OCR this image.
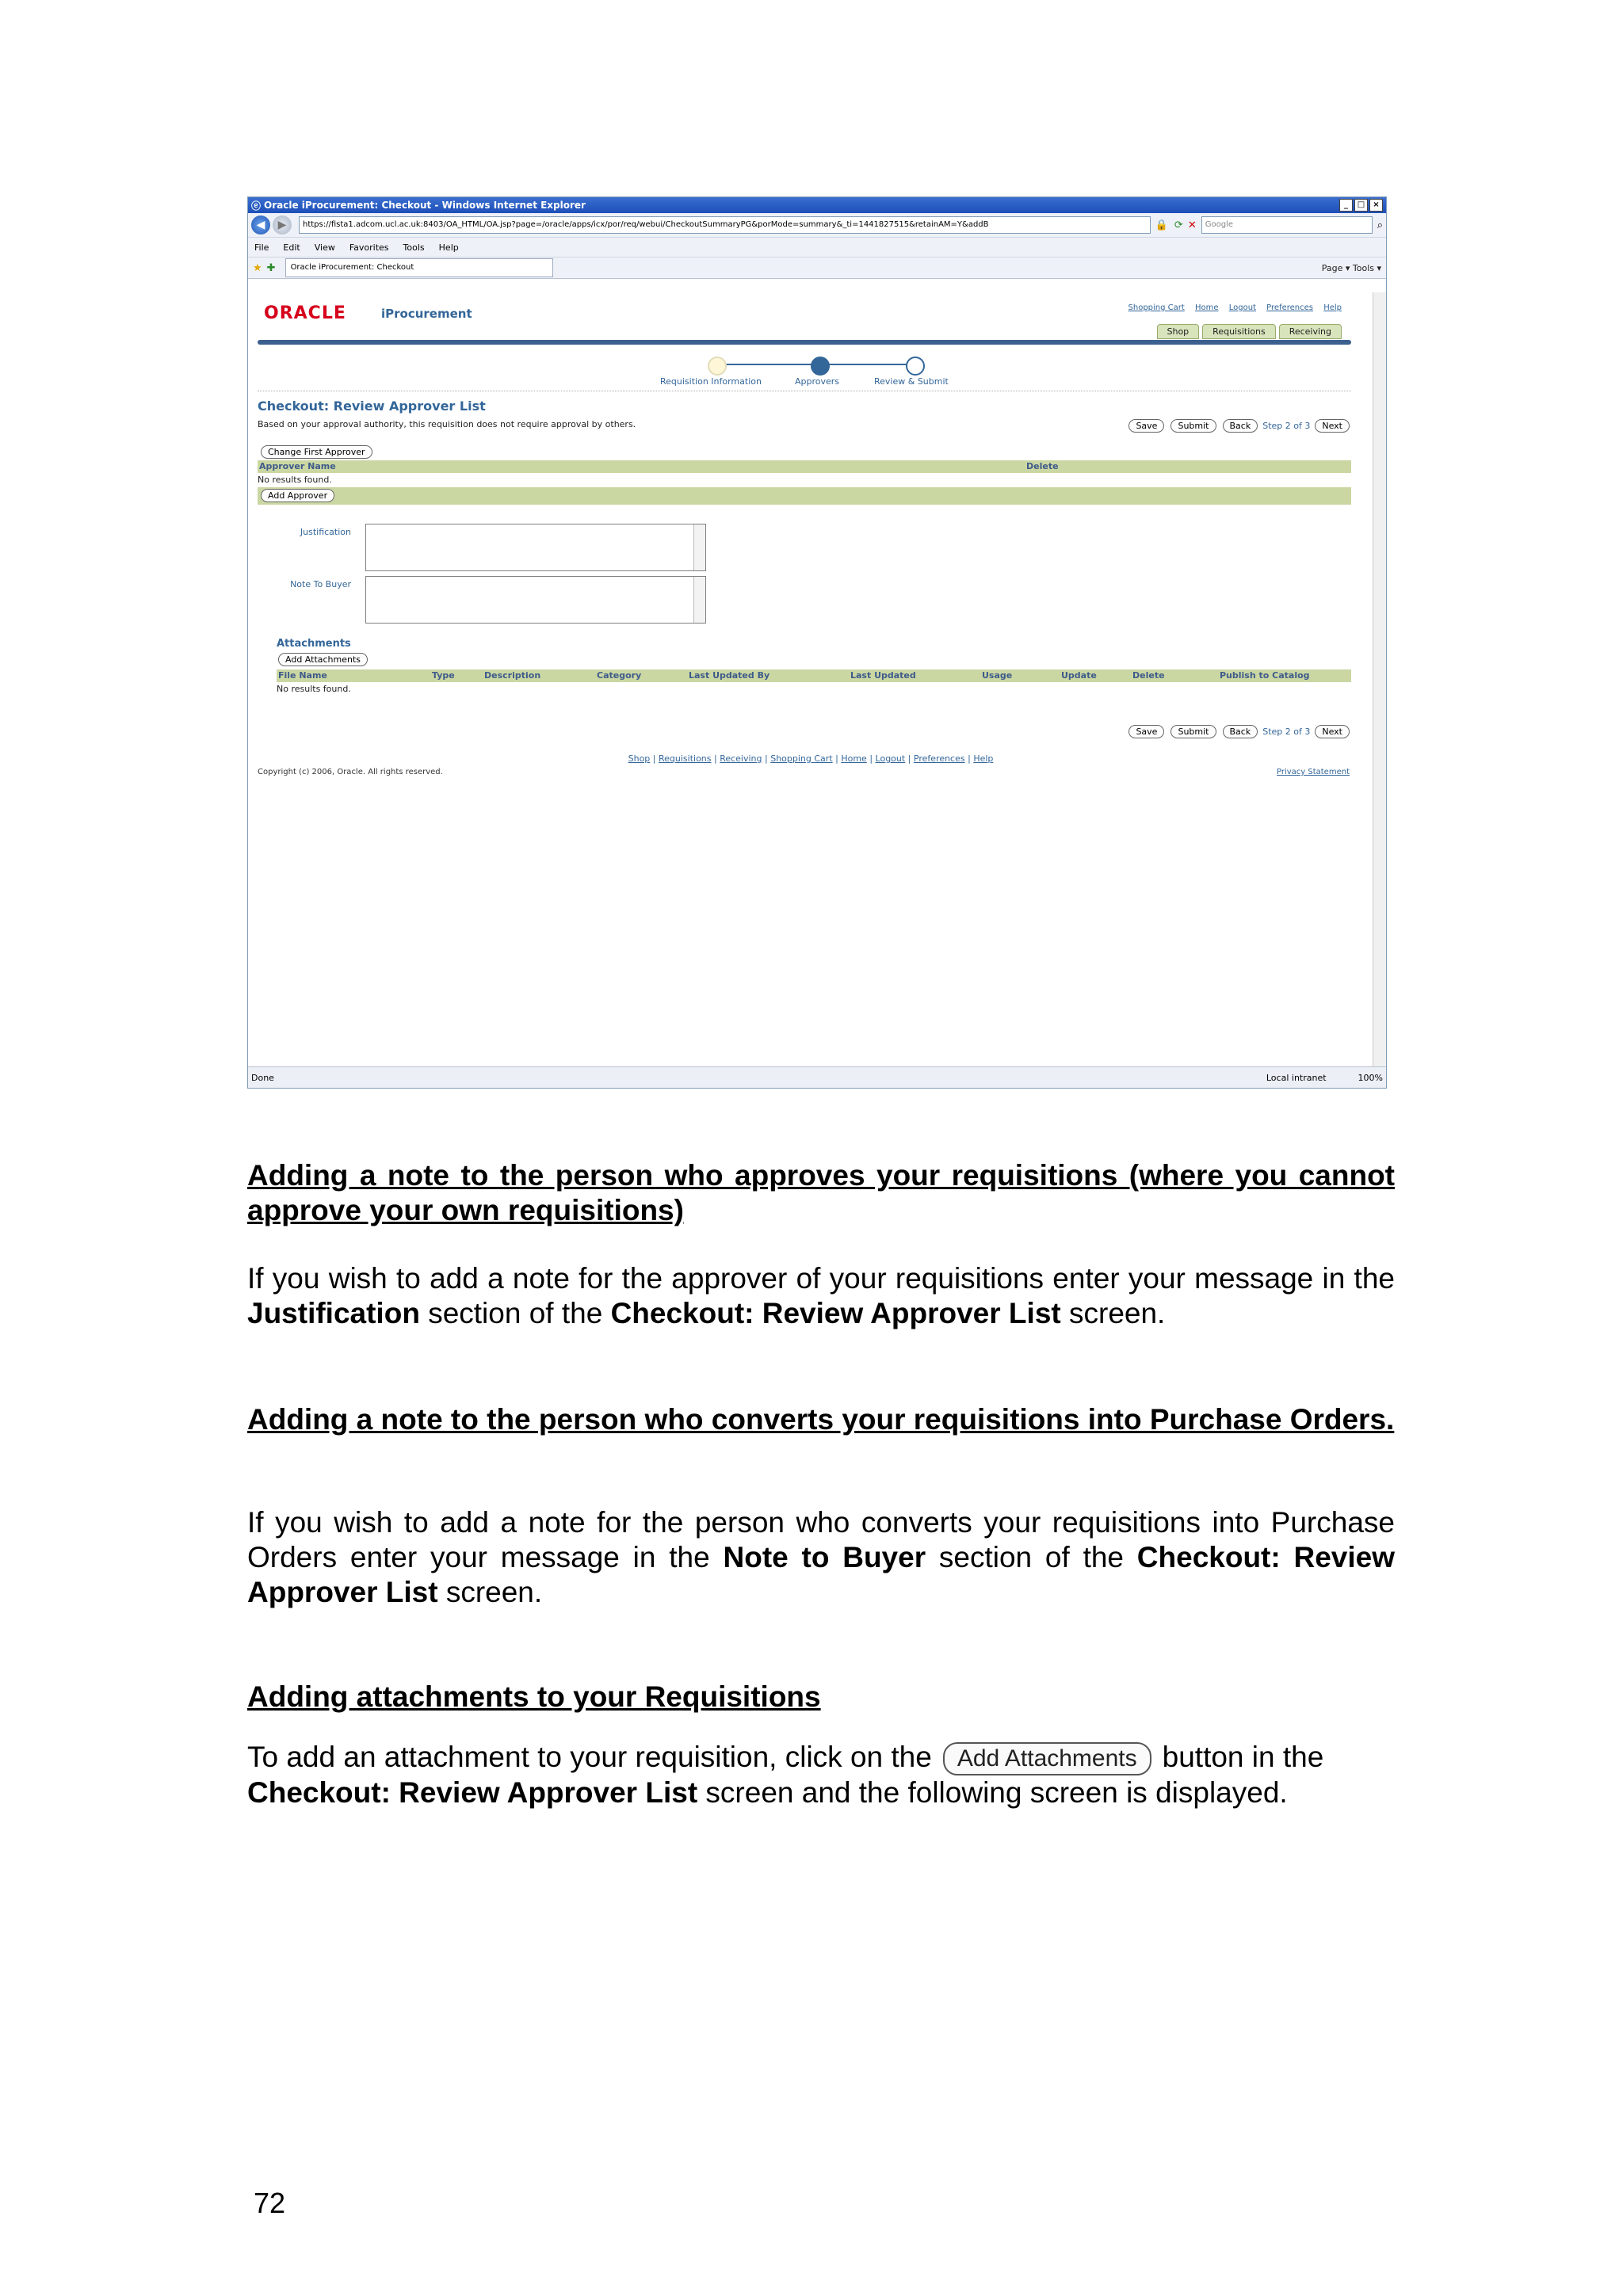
ⓔ Oracle iProcurement: Checkout - Windows Internet Explorer	_	□	×
◀	▶	https://fista1.adcom.ucl.ac.uk:8403/OA_HTML/OA.jsp?page=/oracle/apps/icx/por/req/webui/CheckoutSummaryPG&porMode=summary&_ti=1441827515&retainAM=Y&addB	🔒 ⟳ ✕	Google	⌕
File Edit View Favorites Tools Help
★ ✚	Oracle iProcurement: Checkout	Page ▾ Tools ▾
ORACLE	iProcurement	Shopping Cart Home Logout Preferences Help
Shop	Requisitions	Receiving
Requisition Information	Approvers	Review & Submit
Checkout: Review Approver List
Based on your approval authority, this requisition does not require approval by others.	Save	Submit	Back	Step 2 of 3	Next
Change First Approver
Approver Name	Delete
No results found.
Add Approver
Justification
Note To Buyer
Attachments
Add Attachments
File Name	Type	Description	Category	Last Updated By	Last Updated	Usage	Update	Delete	Publish to Catalog
No results found.
Save	Submit	Back	Step 2 of 3	Next
Shop | Requisitions | Receiving | Shopping Cart | Home | Logout | Preferences | Help
Copyright (c) 2006, Oracle. All rights reserved.	Privacy Statement
Done	Local intranet	100%
Adding a note to the person who approves your requisitions (where you cannot approve your own requisitions)
If you wish to add a note for the approver of your requisitions enter your message in the Justification section of the Checkout: Review Approver List screen.
Adding a note to the person who converts your requisitions into Purchase Orders.
If you wish to add a note for the person who converts your requisitions into Purchase Orders enter your message in the Note to Buyer section of the Checkout: Review Approver List screen.
Adding attachments to your Requisitions
To add an attachment to your requisition, click on the Add Attachments button in the
Checkout: Review Approver List screen and the following screen is displayed.
72
